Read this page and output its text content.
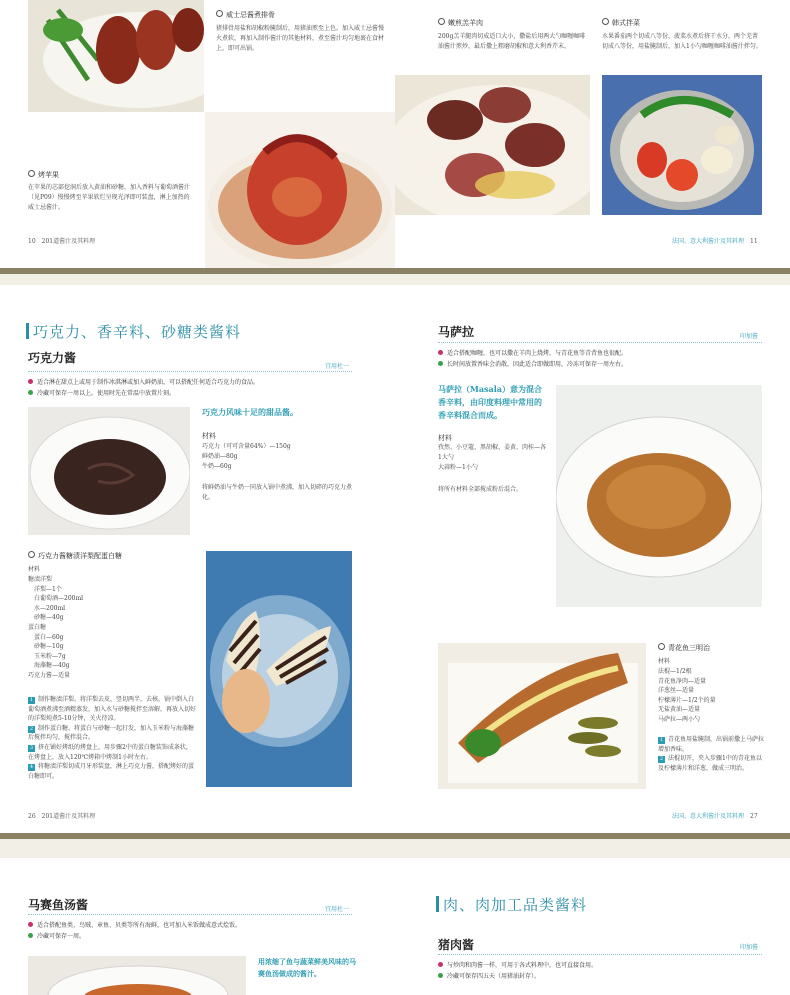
威士忌酱煮排骨
猪排骨用盐和胡椒粉腌制后，用猪油煎至上色。加入威士忌酱慢火煮软，再加入制作酱汁的其他材料，煮至酱汁均匀地裹在食材上，即可出锅。
烤苹果
在苹果的芯部挖洞后放入黄油和砂糖，加入香料与葡萄酒酱汁（见P09）慢慢烤至苹果软烂呈现光泽即可装盘，淋上加热的威士忌酱汁。
10　 201道酱汁及其料理
嫩煎羔羊肉
200g羔羊腿肉切成适口大小，撒盐后用两大勺咖喱咖啡油酱汁煎炒，最后撒上粗磨胡椒和意大利香芹末。
韩式拌菜
水果番茄两个切成八等份，菠菜水煮后挤干水分，两个芜菁切成八等份，用盐腌制后，加入1小勺咖喱咖啡油酱汁拌匀。
法国、意大利酱汁及其料理　 11
巧克力、香辛料、砂糖类酱料
巧克力酱
宜用杜一
适合淋在甜点上或用于制作冰淇淋或加入鲜奶油，可以搭配任何适合巧克力的食品。
冷藏可保存一周以上。使用时先在常温中放置片刻。
巧克力风味十足的甜品酱。
材料
巧克力（可可含量64%）—150g
鲜奶油—80g
牛奶—60g
将鲜奶油与牛奶一同放入锅中煮沸，加入切碎的巧克力煮化。
巧克力酱糖渍洋梨配蛋白糖
材料
糖渍洋梨
　洋梨—1个
　白葡萄酒—200ml
　水—200ml
　砂糖—40g
蛋白糖
　蛋白—60g
　砂糖—10g
　玉米粉—7g
　海藻糖—40g
巧克力酱—适量
1 制作糖渍洋梨。将洋梨去皮，竖切两半，去核。锅中倒入白葡萄酒煮沸至酒精蒸发，加入水与砂糖搅拌至溶解，再放入切好的洋梨炖煮5-10分钟，关火待凉。
2 制作蛋白糖。将蛋白与砂糖一起打发，加入玉米粉与海藻糖后搅拌均匀，搅拌混合。
3 挤在铺好烤纸的烤盘上，用步骤2中的蛋白糖装饰成条状，在烤盘上，放入120℃烤箱中烤制1小时左右。
4 将糖渍洋梨切成月牙形装盘，淋上巧克力酱，搭配烤好的蛋白糖即可。
26　 201道酱汁及其料理
马萨拉	印加酱
适合搭配咖喱，也可以撒在羊肉上烧烤，与青花鱼等青背鱼也很配。
长时间放置香味会消散，因此适合即做即用，冷冻可保存一周左右。
马萨拉（Masala）意为混合香辛料，由印度料理中常用的香辛料混合而成。
材料
孜然、小豆蔻、黑胡椒、姜黄、肉桂—各1大勺
大蒜粉—1小勺
将所有材料全部搅成粉后混合。
青花鱼三明治
材料
法棍—1/2根
青花鱼净肉—适量
洋葱丝—适量
柠檬薄片—1/2个的量
无盐黄油—适量
马萨拉—两小勺
1 青花鱼用盐腌制，出锅前撒上马萨拉增加香味。
2 法棍切开，夹入步骤1中的青花鱼以及柠檬薄片和洋葱，做成三明治。
法国、意大利酱汁及其料理　 27
马赛鱼汤酱	宜用杜一
适合搭配鱼类、鸟贼、章鱼、贝类等所有海鲜，也可加入米饭做成意式烩饭。
冷藏可保存一周。
用浓缩了鱼与蔬菜鲜美风味的马赛鱼汤做成的酱汁。
肉、肉加工品类酱料
猪肉酱	印加酱
与炒肉和肉酱一样，可用于各式料理中，也可直接食用。
冷藏可保存四五天（用猪油封存）。
